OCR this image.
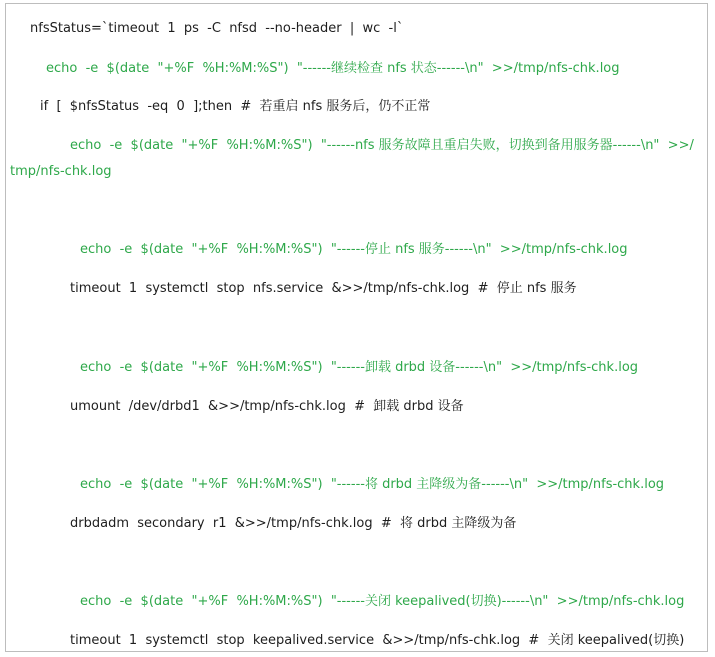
nfsStatus=`timeout  1  ps  -C  nfsd  --no-header  |  wc  -l`
echo  -e  $(date  "+%F  %H:%M:%S")  "------继续检查 nfs 状态------\n"  >>/tmp/nfs-chk.log
if  [  $nfsStatus  -eq  0  ];then  #  若重启 nfs 服务后，仍不正常
echo  -e  $(date  "+%F  %H:%M:%S")  "------nfs 服务故障且重启失败，切换到备用服务器------\n"  >>/
tmp/nfs-chk.log
echo  -e  $(date  "+%F  %H:%M:%S")  "------停止 nfs 服务------\n"  >>/tmp/nfs-chk.log
timeout  1  systemctl  stop  nfs.service  &>>/tmp/nfs-chk.log  #  停止 nfs 服务
echo  -e  $(date  "+%F  %H:%M:%S")  "------卸载 drbd 设备------\n"  >>/tmp/nfs-chk.log
umount  /dev/drbd1  &>>/tmp/nfs-chk.log  #  卸载 drbd 设备
echo  -e  $(date  "+%F  %H:%M:%S")  "------将 drbd 主降级为备------\n"  >>/tmp/nfs-chk.log
drbdadm  secondary  r1  &>>/tmp/nfs-chk.log  #  将 drbd 主降级为备
echo  -e  $(date  "+%F  %H:%M:%S")  "------关闭 keepalived(切换)------\n"  >>/tmp/nfs-chk.log
timeout  1  systemctl  stop  keepalived.service  &>>/tmp/nfs-chk.log  #  关闭 keepalived(切换)
